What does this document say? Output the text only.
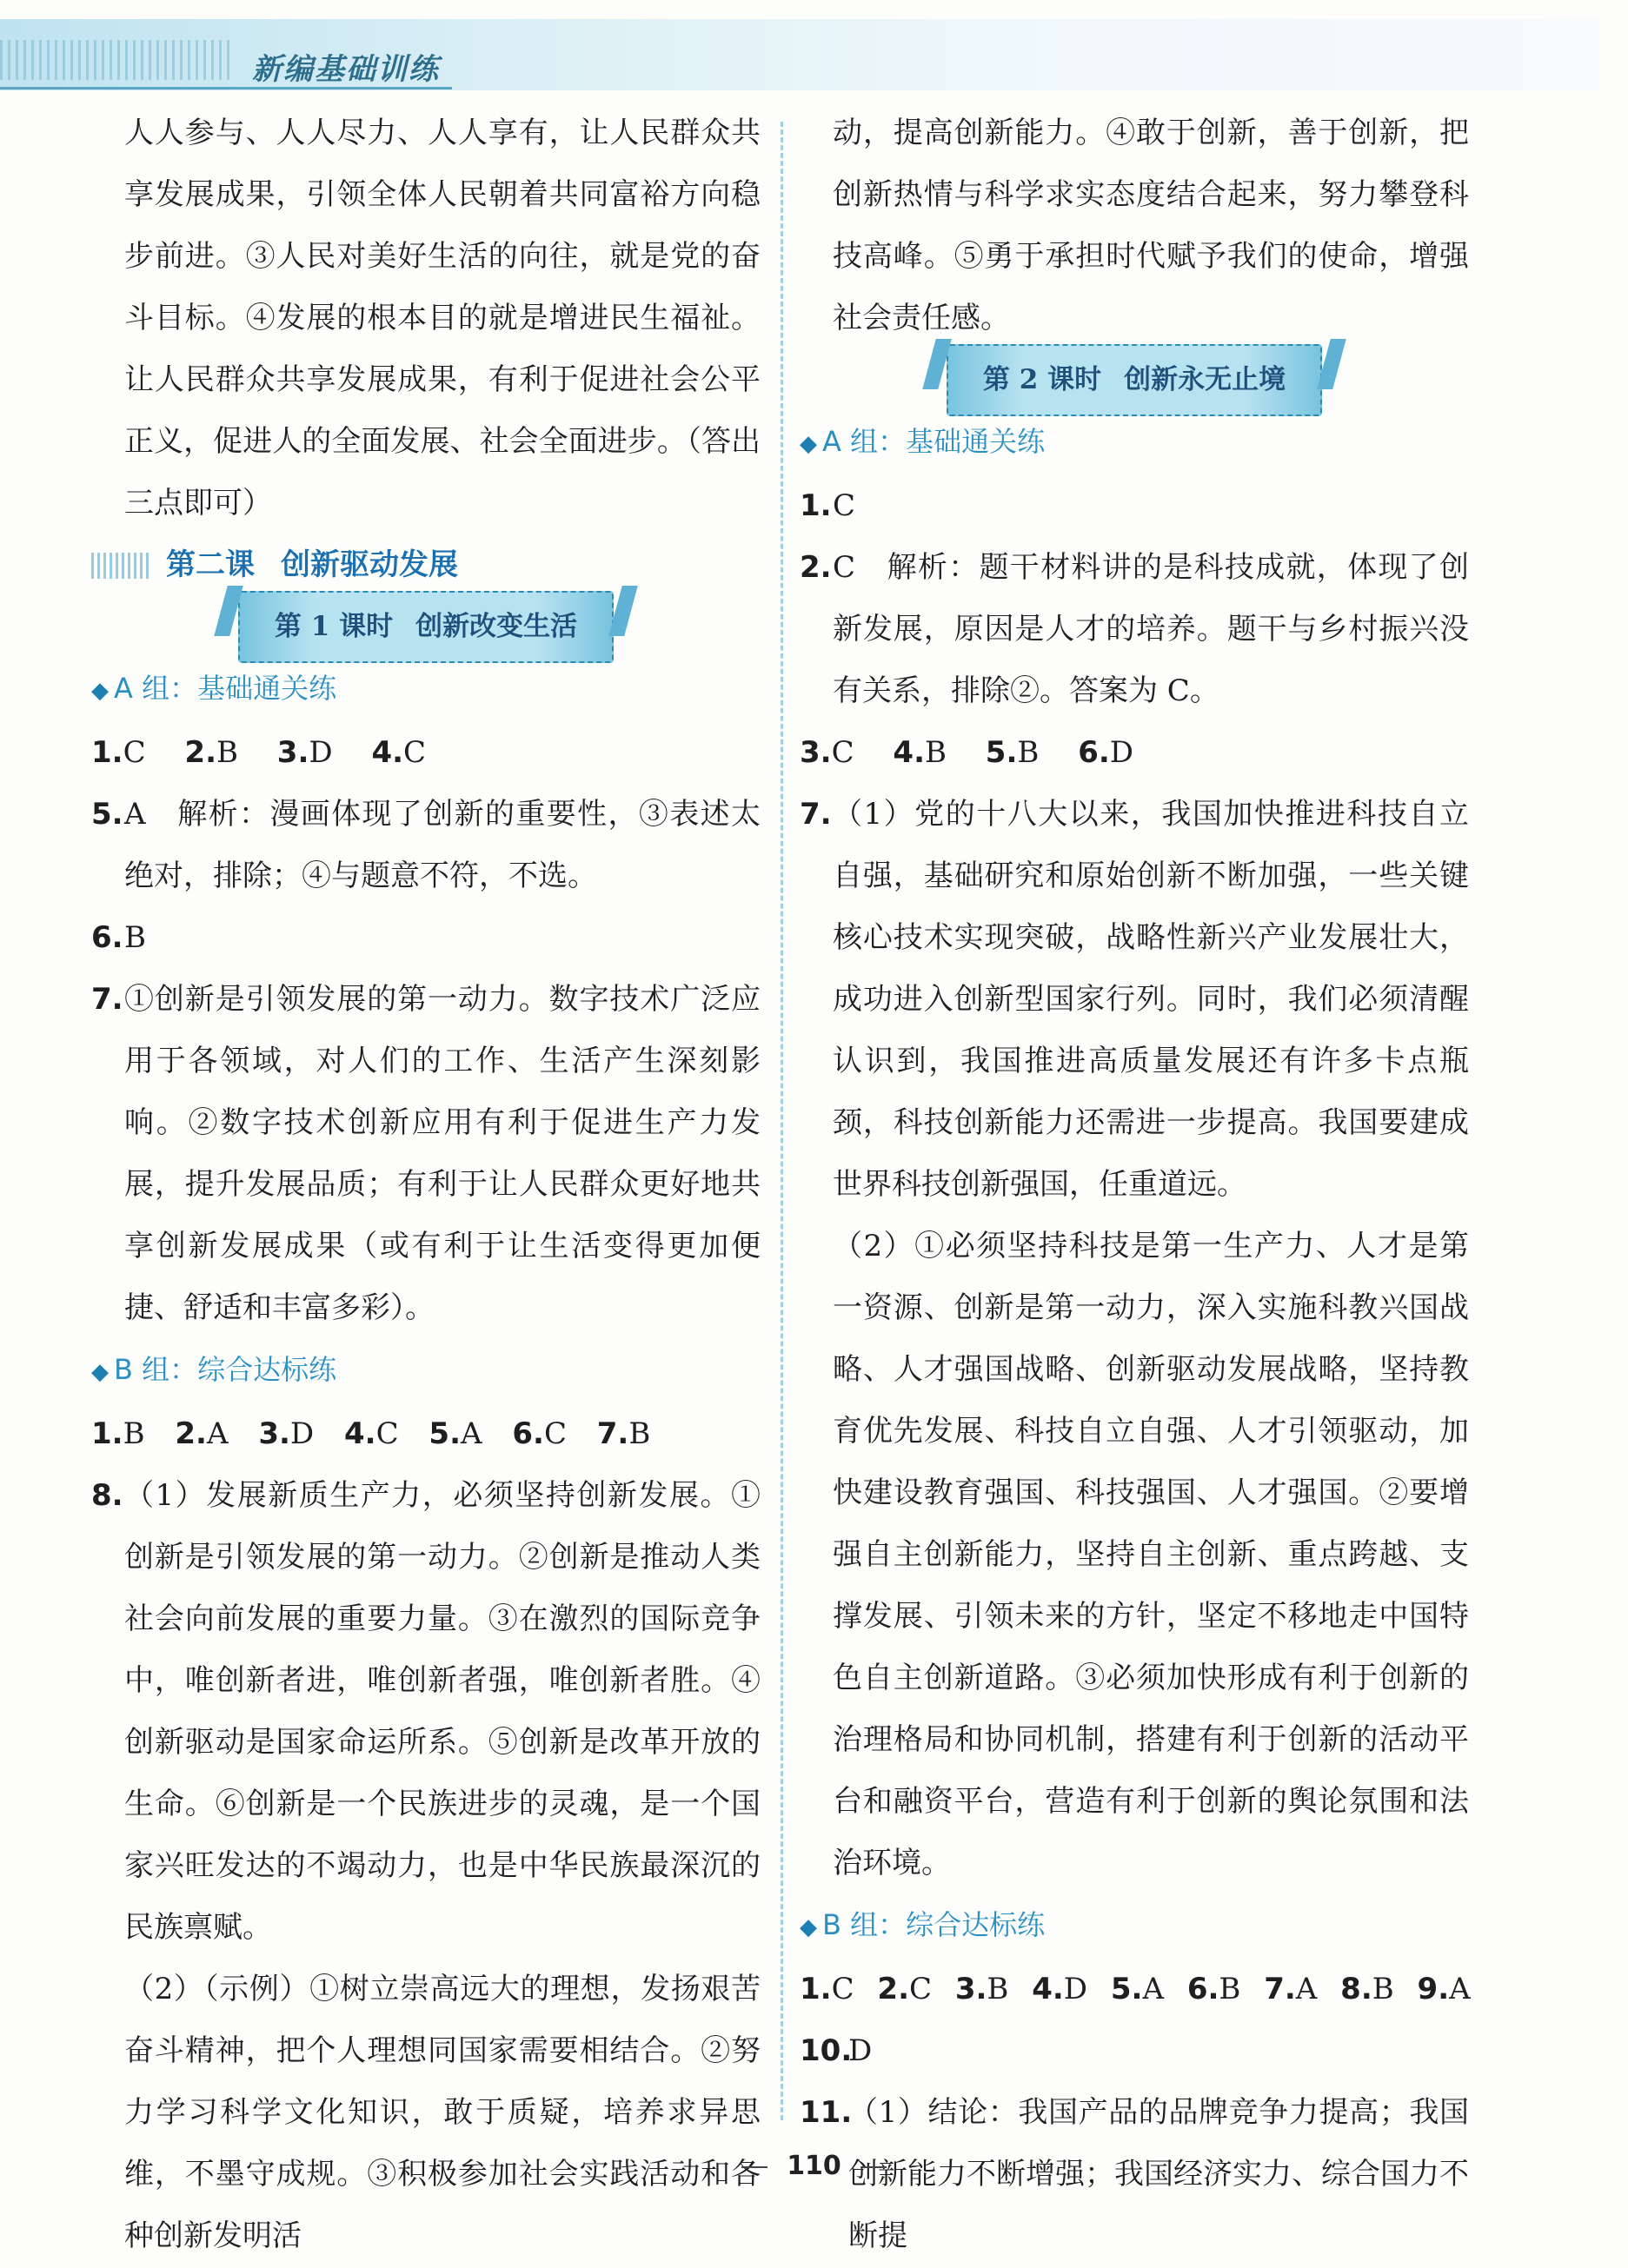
新编基础训练

人人参与、人人尽力、人人享有，让人民群众共享发展成果，引领全体人民朝着共同富裕方向稳步前进。③人民对美好生活的向往，就是党的奋斗目标。④发展的根本目的就是增进民生福祉。让人民群众共享发展成果，有利于促进社会公平正义，促进人的全面发展、社会全面进步。（答出三点即可）

第二课 创新驱动发展
第 1 课时 创新改变生活

◆ A 组：基础通关练

1.C 2.B 3.D 4.C

5. A　解析：漫画体现了创新的重要性，③表述太绝对，排除；④与题意不符，不选。

6. B

7. ①创新是引领发展的第一动力。数字技术广泛应用于各领域，对人们的工作、生活产生深刻影响。②数字技术创新应用有利于促进生产力发展，提升发展品质；有利于让人民群众更好地共享创新发展成果（或有利于让生活变得更加便捷、舒适和丰富多彩）。

◆ B 组：综合达标练

1.B 2.A 3.D 4.C 5.A 6.C 7.B

8. （1）发展新质生产力，必须坚持创新发展。①创新是引领发展的第一动力。②创新是推动人类社会向前发展的重要力量。③在激烈的国际竞争中，唯创新者进，唯创新者强，唯创新者胜。④创新驱动是国家命运所系。⑤创新是改革开放的生命。⑥创新是一个民族进步的灵魂，是一个国家兴旺发达的不竭动力，也是中华民族最深沉的民族禀赋。

（2）（示例）①树立崇高远大的理想，发扬艰苦奋斗精神，把个人理想同国家需要相结合。②努力学习科学文化知识，敢于质疑，培养求异思维，不墨守成规。③积极参加社会实践活动和各种创新发明活

动，提高创新能力。④敢于创新，善于创新，把创新热情与科学求实态度结合起来，努力攀登科技高峰。⑤勇于承担时代赋予我们的使命，增强社会责任感。

第 2 课时 创新永无止境

◆ A 组：基础通关练

1. C

2. C　解析：题干材料讲的是科技成就，体现了创新发展，原因是人才的培养。题干与乡村振兴没有关系，排除②。答案为 C。

3.C 4.B 5.B 6.D

7. （1）党的十八大以来，我国加快推进科技自立自强，基础研究和原始创新不断加强，一些关键核心技术实现突破，战略性新兴产业发展壮大，成功进入创新型国家行列。同时，我们必须清醒认识到，我国推进高质量发展还有许多卡点瓶颈，科技创新能力还需进一步提高。我国要建成世界科技创新强国，任重道远。

（2）①必须坚持科技是第一生产力、人才是第一资源、创新是第一动力，深入实施科教兴国战略、人才强国战略、创新驱动发展战略，坚持教育优先发展、科技自立自强、人才引领驱动，加快建设教育强国、科技强国、人才强国。②要增强自主创新能力，坚持自主创新、重点跨越、支撑发展、引领未来的方针，坚定不移地走中国特色自主创新道路。③必须加快形成有利于创新的治理格局和协同机制，搭建有利于创新的活动平台和融资平台，营造有利于创新的舆论氛围和法治环境。

◆ B 组：综合达标练

1.C 2.C 3.B 4.D 5.A 6.B 7.A 8.B 9.A

10.
D

11.
（1）结论：我国产品的品牌竞争力提高；我国创新能力不断增强；我国经济实力、综合国力不断提

110
